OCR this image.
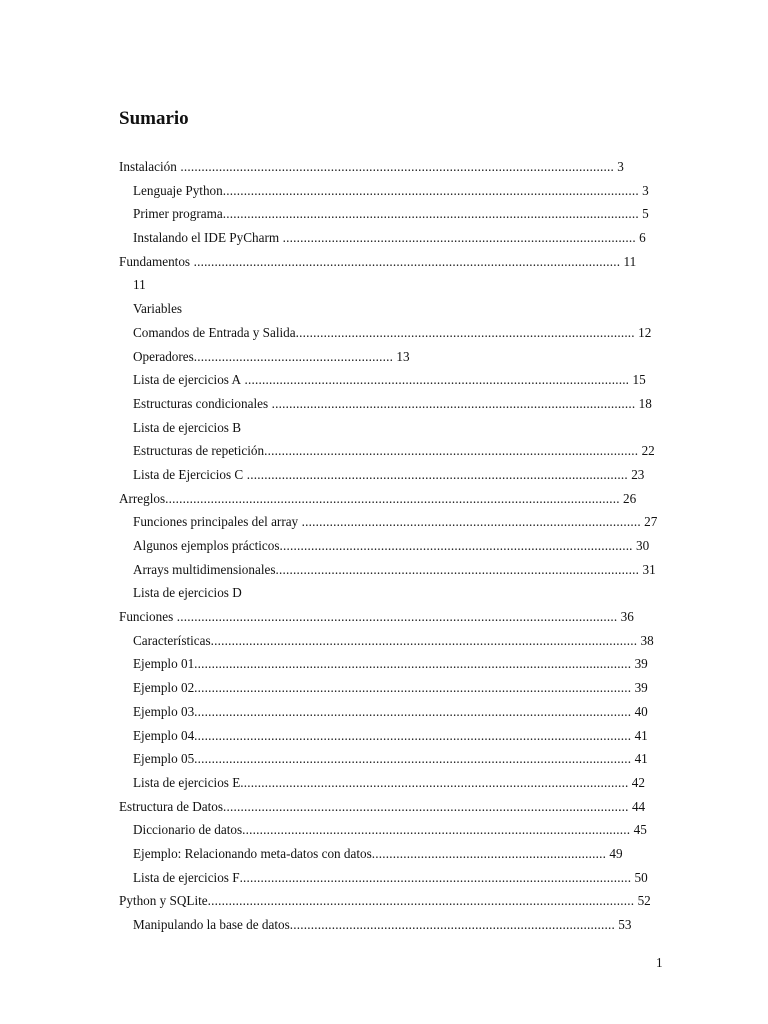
Sumario
Instalación ............................................................................................................................ 3
Lenguaje Python....................................................................................................................... 3
Primer programa....................................................................................................................... 5
Instalando el IDE PyCharm ..................................................................................................... 6
Fundamentos .......................................................................................................................... 11
11
Variables
Comandos de Entrada y Salida................................................................................................. 12
Operadores......................................................... 13
Lista de ejercicios A .............................................................................................................. 15
Estructuras condicionales ........................................................................................................ 18
Lista de ejercicios B
Estructuras de repetición........................................................................................................... 22
Lista de Ejercicios C ............................................................................................................. 23
Arreglos.................................................................................................................................. 26
Funciones principales del array ................................................................................................. 27
Algunos ejemplos prácticos..................................................................................................... 30
Arrays multidimensionales........................................................................................................ 31
Lista de ejercicios D
Funciones .............................................................................................................................. 36
Características.......................................................................................................................... 38
Ejemplo 01............................................................................................................................. 39
Ejemplo 02............................................................................................................................. 39
Ejemplo 03............................................................................................................................. 40
Ejemplo 04............................................................................................................................. 41
Ejemplo 05............................................................................................................................. 41
Lista de ejercicios E............................................................................................................... 42
Estructura de Datos.................................................................................................................... 44
Diccionario de datos............................................................................................................... 45
Ejemplo: Relacionando meta-datos con datos................................................................... 49
Lista de ejercicios F................................................................................................................ 50
Python y SQLite.......................................................................................................................... 52
Manipulando la base de datos............................................................................................. 53
1
